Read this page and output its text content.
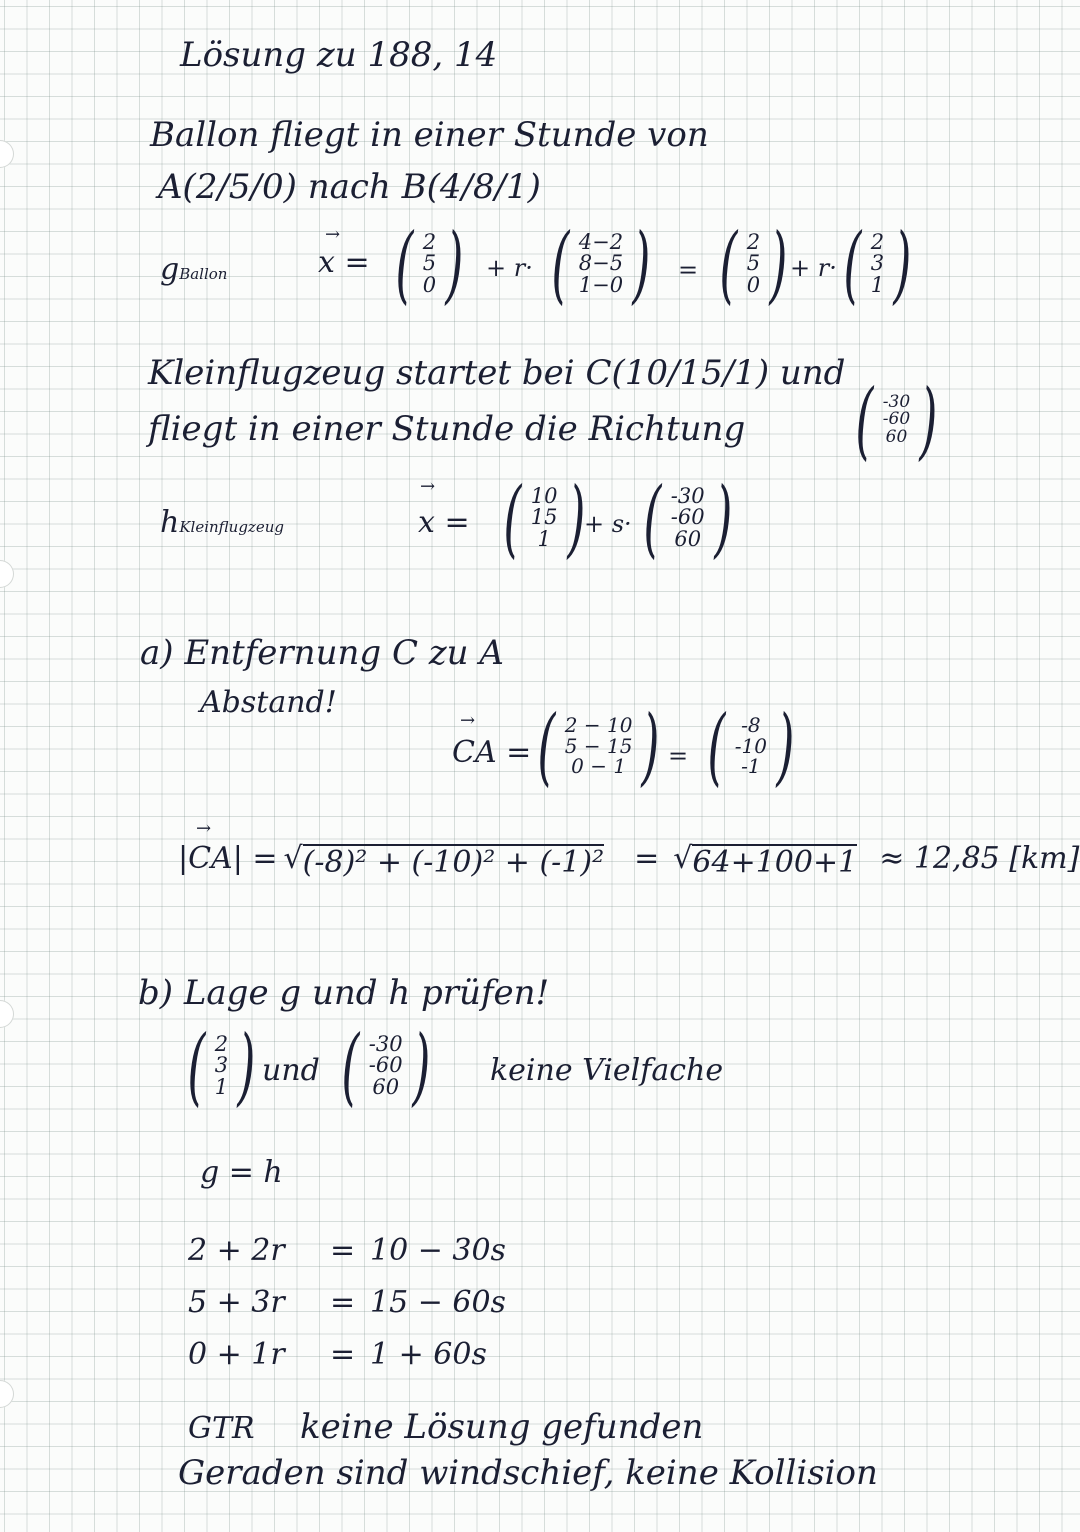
Lösung zu 188, 14
Ballon fliegt in einer Stunde von
A(2/5/0) nach B(4/8/1)
gBallon
→
x = ( 2
5
0 ) + r· ( 4−2
8−5
1−0 ) = ( 2
5
0 ) + r· ( 2
3
1 )
Kleinflugzeug startet bei C(10/15/1) und
fliegt in einer Stunde die Richtung ( -30
-60
60 )
hKleinflugzeug
→
x = ( 10
15
1 ) + s· ( -30
-60
60 )
a) Entfernung C zu A
Abstand!
→
CA = ( 2 − 10
5 − 15
0 − 1 ) = ( -8
-10
-1 )
→
|CA| = √ (-8)² + (-10)² + (-1)² = √ 64+100+1 ≈ 12,85 [km]
b) Lage g und h prüfen!
( 2
3
1 ) und ( -30
-60
60 ) keine Vielfache
g = h
2 + 2r = 10 − 30s
5 + 3r = 15 − 60s
0 + 1r = 1 + 60s
GTR keine Lösung gefunden
Geraden sind windschief, keine Kollision
